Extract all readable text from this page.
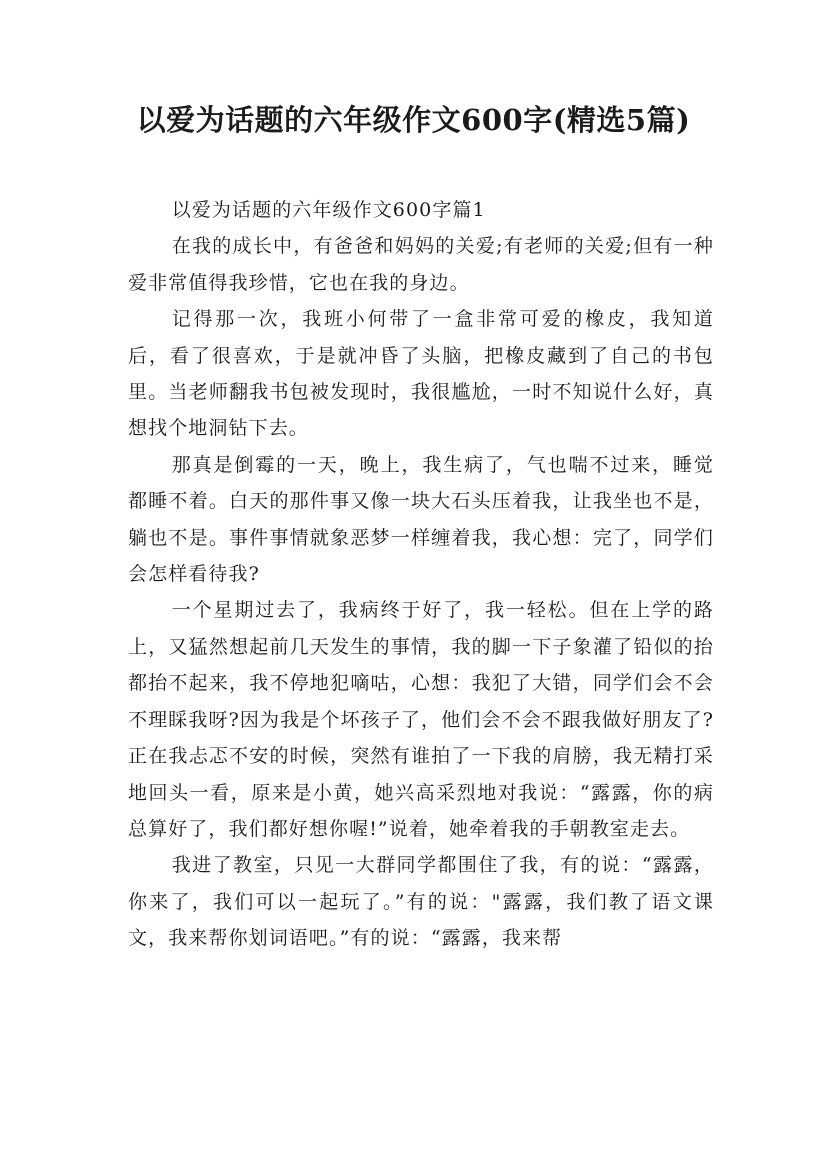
以爱为话题的六年级作文600字(精选5篇)

以爱为话题的六年级作文600字篇1

在我的成长中，有爸爸和妈妈的关爱;有老师的关爱;但有一种爱非常值得我珍惜，它也在我的身边。

记得那一次，我班小何带了一盒非常可爱的橡皮，我知道后，看了很喜欢，于是就冲昏了头脑，把橡皮藏到了自己的书包里。当老师翻我书包被发现时，我很尴尬，一时不知说什么好，真想找个地洞钻下去。

那真是倒霉的一天，晚上，我生病了，气也喘不过来，睡觉都睡不着。白天的那件事又像一块大石头压着我，让我坐也不是，躺也不是。事件事情就象恶梦一样缠着我，我心想：完了，同学们会怎样看待我?

一个星期过去了，我病终于好了，我一轻松。但在上学的路上，又猛然想起前几天发生的事情，我的脚一下子象灌了铅似的抬都抬不起来，我不停地犯嘀咕，心想：我犯了大错，同学们会不会不理睬我呀?因为我是个坏孩子了，他们会不会不跟我做好朋友了?正在我忐忑不安的时候，突然有谁拍了一下我的肩膀，我无精打采地回头一看，原来是小黄，她兴高采烈地对我说：“露露，你的病总算好了，我们都好想你喔!”说着，她牵着我的手朝教室走去。

我进了教室，只见一大群同学都围住了我，有的说：“露露，你来了，我们可以一起玩了。”有的说："露露，我们教了语文课文，我来帮你划词语吧。”有的说：“露露，我来帮
